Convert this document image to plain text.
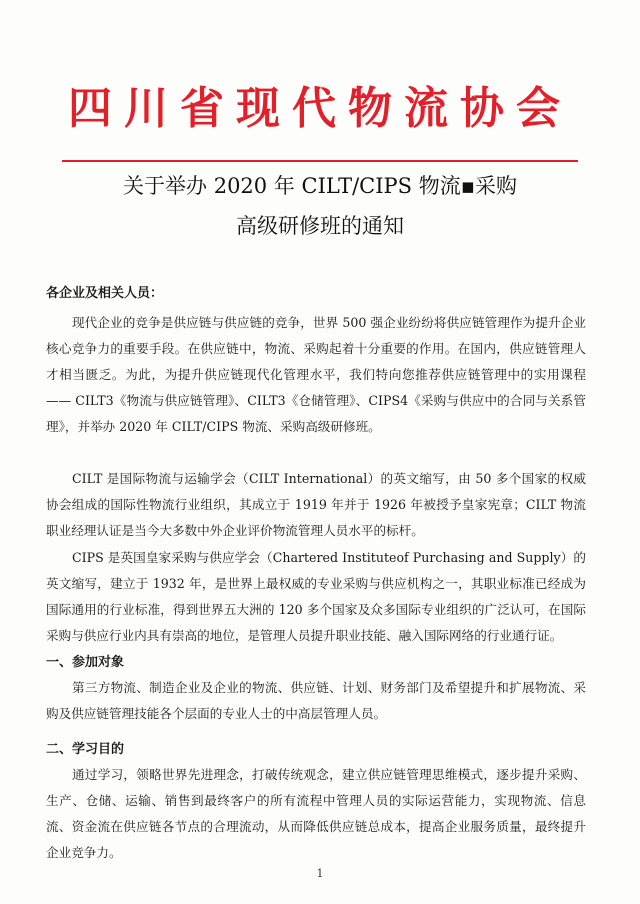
四川省现代物流协会
关于举办 2020 年 CILT/CIPS 物流▪采购
高级研修班的通知
各企业及相关人员：

现代企业的竞争是供应链与供应链的竞争，世界 500 强企业纷纷将供应链管理作为提升企业核心竞争力的重要手段。在供应链中，物流、采购起着十分重要的作用。在国内，供应链管理人才相当匮乏。为此，为提升供应链现代化管理水平，我们特向您推荐供应链管理中的实用课程 —— CILT3《物流与供应链管理》、CILT3《仓储管理》、CIPS4《采购与供应中的合同与关系管理》，并举办 2020 年 CILT/CIPS 物流、采购高级研修班。

CILT 是国际物流与运输学会（CILT International）的英文缩写，由 50 多个国家的权威协会组成的国际性物流行业组织，其成立于 1919 年并于 1926 年被授予皇家宪章；CILT 物流职业经理认证是当今大多数中外企业评价物流管理人员水平的标杆。

CIPS 是英国皇家采购与供应学会（Chartered Instituteof Purchasing and Supply）的英文缩写，建立于 1932 年，是世界上最权威的专业采购与供应机构之一，其职业标准已经成为国际通用的行业标准，得到世界五大洲的 120 多个国家及众多国际专业组织的广泛认可，在国际采购与供应行业内具有崇高的地位，是管理人员提升职业技能、融入国际网络的行业通行证。

一、参加对象

第三方物流、制造企业及企业的物流、供应链、计划、财务部门及希望提升和扩展物流、采购及供应链管理技能各个层面的专业人士的中高层管理人员。

二、学习目的

通过学习，领略世界先进理念，打破传统观念，建立供应链管理思维模式，逐步提升采购、生产、仓储、运输、销售到最终客户的所有流程中管理人员的实际运营能力，实现物流、信息流、资金流在供应链各节点的合理流动，从而降低供应链总成本，提高企业服务质量，最终提升企业竞争力。

1
